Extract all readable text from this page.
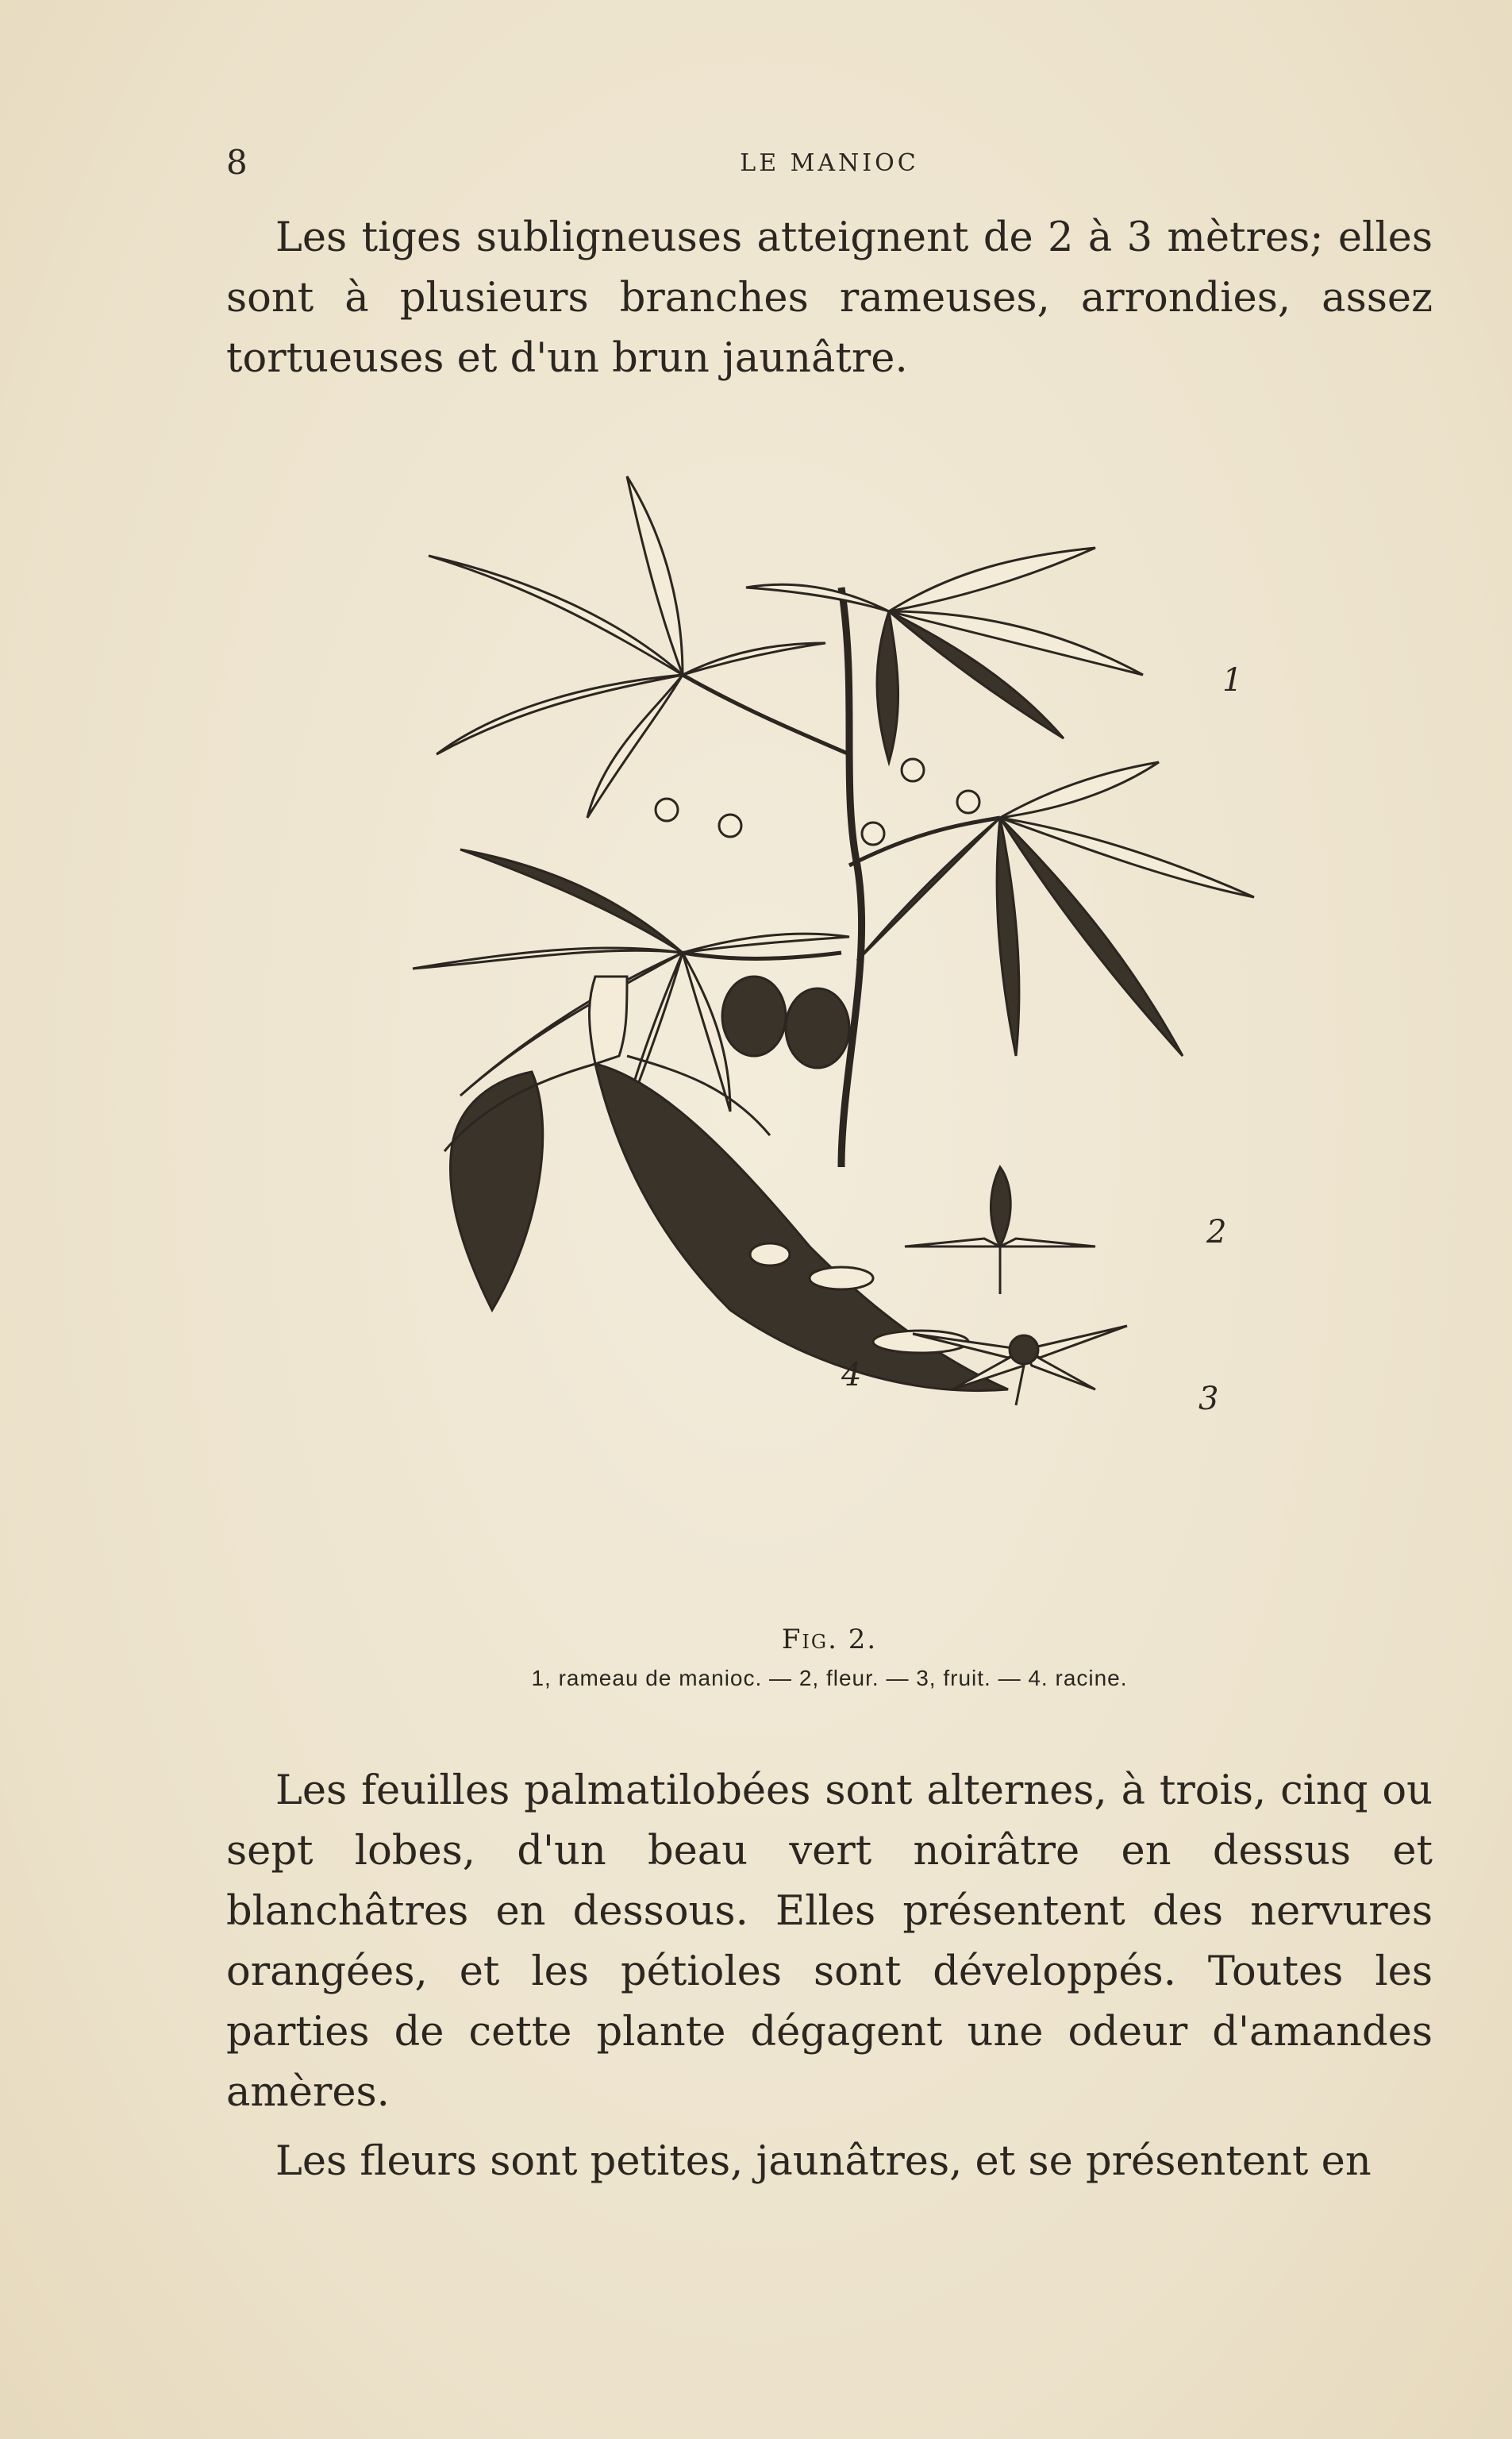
8	LE MANIOC

Les tiges subligneuses atteignent de 2 à 3 mètres; elles sont à plusieurs branches rameuses, arrondies, assez tortueuses et d'un brun jaunâtre.

1
2
3
4
Fig. 2.
1, rameau de manioc. — 2, fleur. — 3, fruit. — 4. racine.

Les feuilles palmatilobées sont alternes, à trois, cinq ou sept lobes, d'un beau vert noirâtre en dessus et blanchâtres en dessous. Elles présentent des nervures orangées, et les pétioles sont développés. Toutes les parties de cette plante dégagent une odeur d'amandes amères.

Les fleurs sont petites, jaunâtres, et se présentent en
